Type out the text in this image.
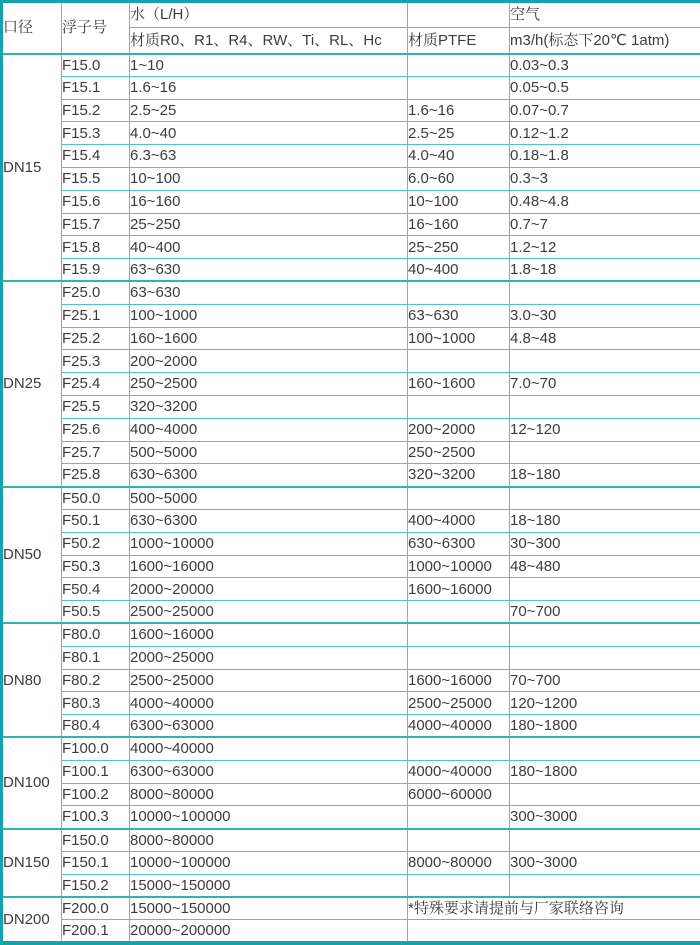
口径	浮子号	水（L/H）		空气
		材质R0、R1、R4、RW、Ti、RL、Hc	材质PTFE	m3/h(标态下20℃ 1atm)
DN15	F15.0	1~10		0.03~0.3
	F15.1	1.6~16		0.05~0.5
	F15.2	2.5~25	1.6~16	0.07~0.7
	F15.3	4.0~40	2.5~25	0.12~1.2
	F15.4	6.3~63	4.0~40	0.18~1.8
	F15.5	10~100	6.0~60	0.3~3
	F15.6	16~160	10~100	0.48~4.8
	F15.7	25~250	16~160	0.7~7
	F15.8	40~400	25~250	1.2~12
	F15.9	63~630	40~400	1.8~18
DN25	F25.0	63~630		
	F25.1	100~1000	63~630	3.0~30
	F25.2	160~1600	100~1000	4.8~48
	F25.3	200~2000		
	F25.4	250~2500	160~1600	7.0~70
	F25.5	320~3200		
	F25.6	400~4000	200~2000	12~120
	F25.7	500~5000	250~2500	
	F25.8	630~6300	320~3200	18~180
DN50	F50.0	500~5000		
	F50.1	630~6300	400~4000	18~180
	F50.2	1000~10000	630~6300	30~300
	F50.3	1600~16000	1000~10000	48~480
	F50.4	2000~20000	1600~16000	
	F50.5	2500~25000		70~700
DN80	F80.0	1600~16000		
	F80.1	2000~25000		
	F80.2	2500~25000	1600~16000	70~700
	F80.3	4000~40000	2500~25000	120~1200
	F80.4	6300~63000	4000~40000	180~1800
DN100	F100.0	4000~40000		
	F100.1	6300~63000	4000~40000	180~1800
	F100.2	8000~80000	6000~60000	
	F100.3	10000~100000		300~3000
DN150	F150.0	8000~80000		
	F150.1	10000~100000	8000~80000	300~3000
	F150.2	15000~150000		
DN200	F200.0	15000~150000	*特殊要求请提前与厂家联络咨询	
	F200.1	20000~200000		
